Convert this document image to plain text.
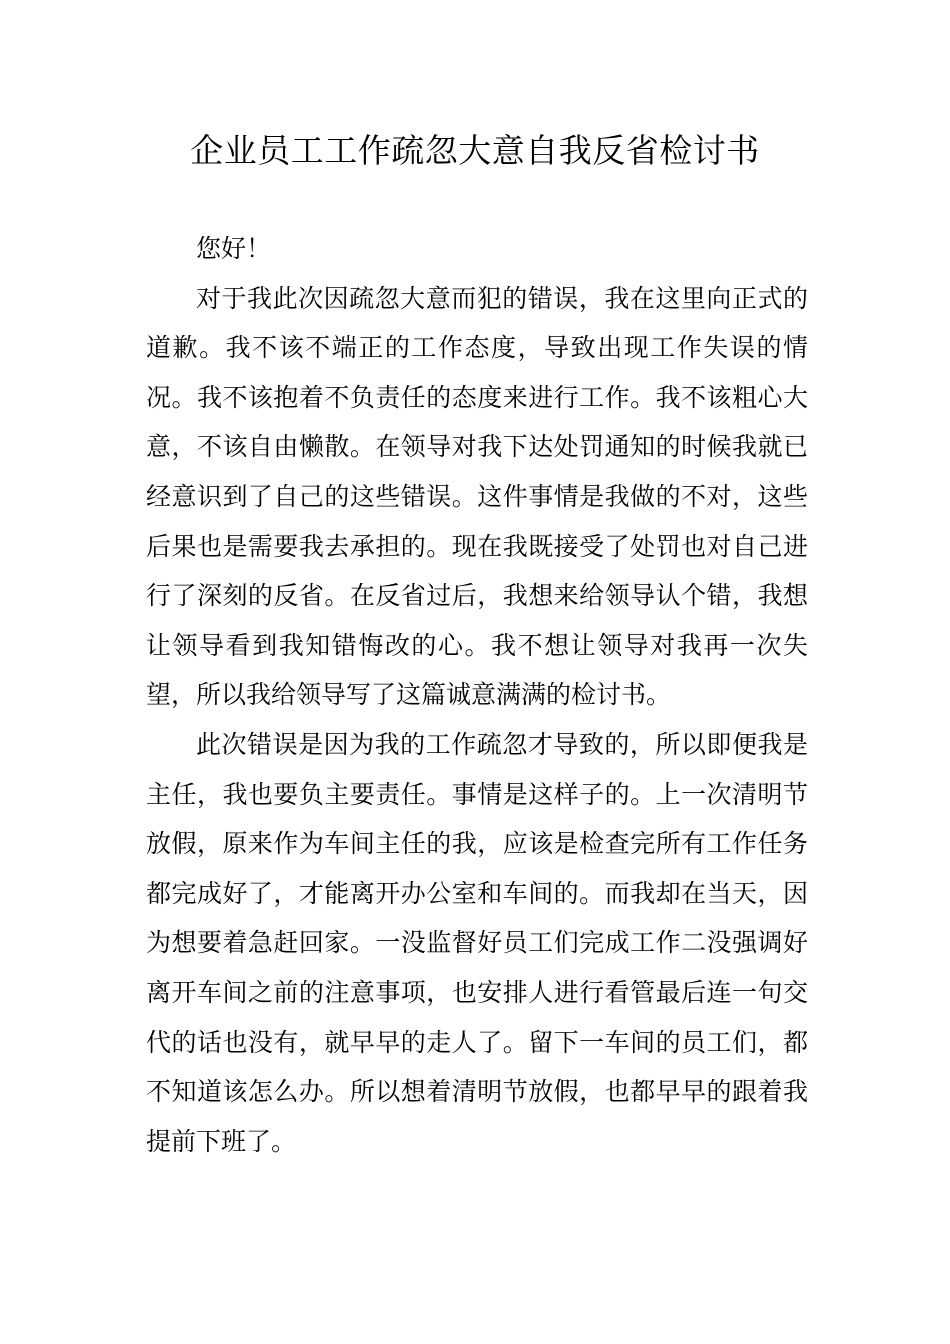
企业员工工作疏忽大意自我反省检讨书

您好！

对于我此次因疏忽大意而犯的错误，我在这里向正式的道歉。我不该不端正的工作态度，导致出现工作失误的情况。我不该抱着不负责任的态度来进行工作。我不该粗心大意，不该自由懒散。在领导对我下达处罚通知的时候我就已经意识到了自己的这些错误。这件事情是我做的不对，这些后果也是需要我去承担的。现在我既接受了处罚也对自己进行了深刻的反省。在反省过后，我想来给领导认个错，我想让领导看到我知错悔改的心。我不想让领导对我再一次失望，所以我给领导写了这篇诚意满满的检讨书。

此次错误是因为我的工作疏忽才导致的，所以即便我是主任，我也要负主要责任。事情是这样子的。上一次清明节放假，原来作为车间主任的我，应该是检查完所有工作任务都完成好了，才能离开办公室和车间的。而我却在当天，因为想要着急赶回家。一没监督好员工们完成工作二没强调好离开车间之前的注意事项，也安排人进行看管最后连一句交代的话也没有，就早早的走人了。留下一车间的员工们，都不知道该怎么办。所以想着清明节放假，也都早早的跟着我提前下班了。
